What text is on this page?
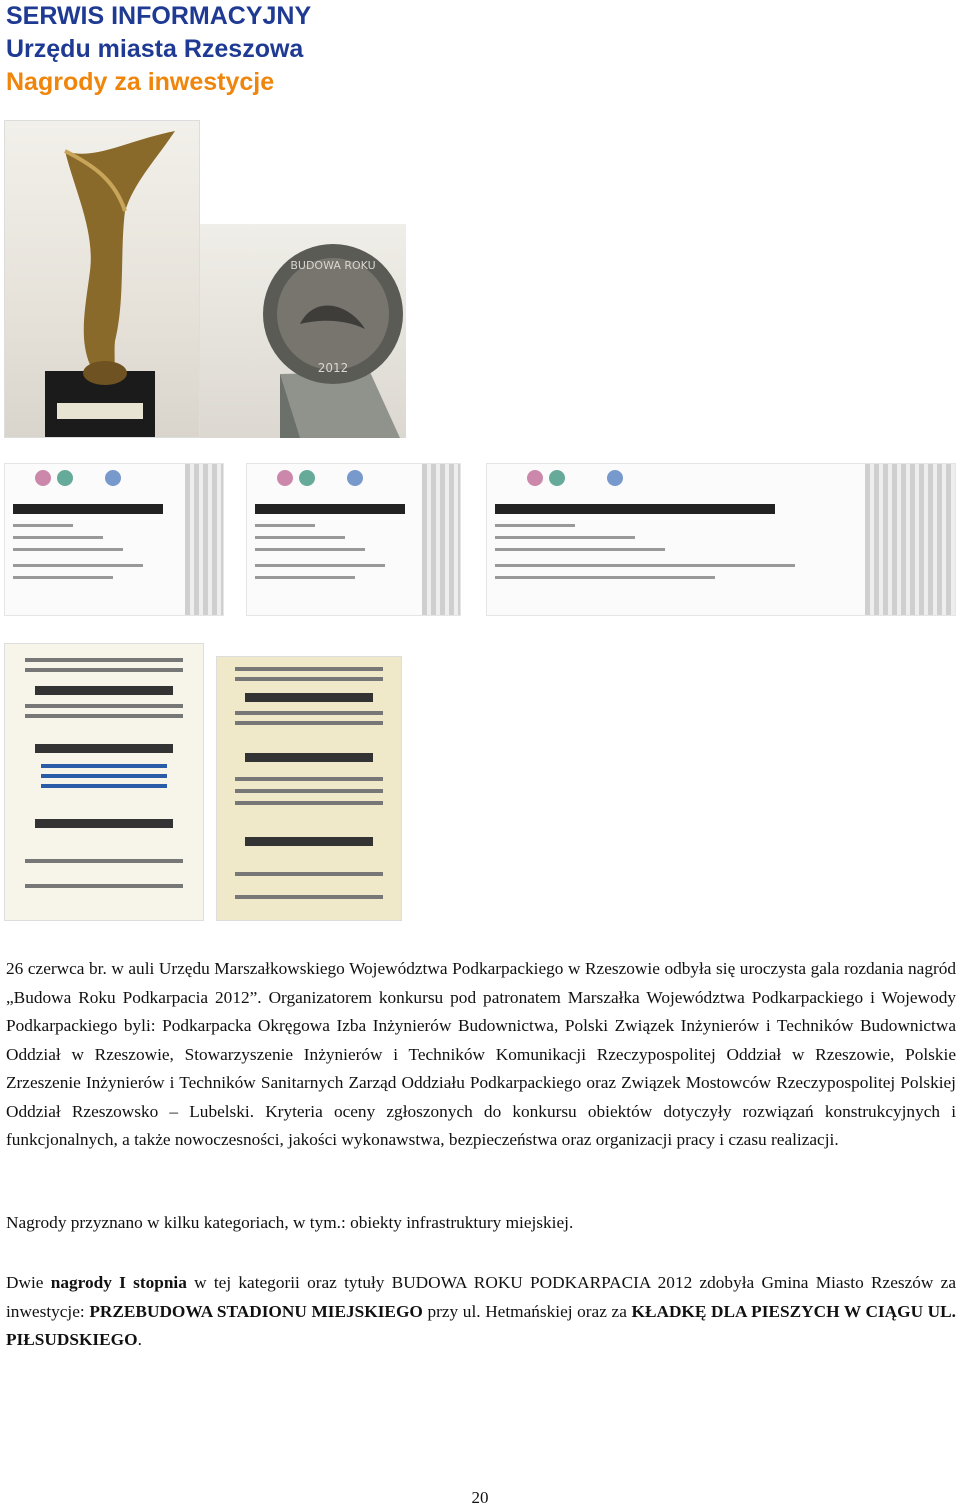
SERWIS INFORMACYJNY
Urzędu miasta Rzeszowa
Nagrody za inwestycje
BUDOWA ROKU
2012
26 czerwca br. w auli Urzędu Marszałkowskiego Województwa Podkarpackiego w Rzeszowie odbyła się uroczysta gala rozdania nagród „Budowa Roku Podkarpacia 2012”. Organizatorem konkursu pod patronatem Marszałka Województwa Podkarpackiego i Wojewody Podkarpackiego byli: Podkarpacka Okręgowa Izba Inżynierów Budownictwa, Polski Związek Inżynierów i Techników Budownictwa Oddział w Rzeszowie, Stowarzyszenie Inżynierów i Techników Komunikacji Rzeczypospolitej Oddział w Rzeszowie, Polskie Zrzeszenie Inżynierów i Techników Sanitarnych Zarząd Oddziału Podkarpackiego oraz Związek Mostowców Rzeczypospolitej Polskiej Oddział Rzeszowsko – Lubelski. Kryteria oceny zgłoszonych do konkursu obiektów dotyczyły rozwiązań konstrukcyjnych i funkcjonalnych, a także nowoczesności, jakości wykonawstwa, bezpieczeństwa oraz organizacji pracy i czasu realizacji.
Nagrody przyznano w kilku kategoriach, w tym.: obiekty infrastruktury miejskiej.
Dwie nagrody I stopnia w tej kategorii oraz tytuły BUDOWA ROKU PODKARPACIA 2012 zdobyła Gmina Miasto Rzeszów za inwestycje: PRZEBUDOWA STADIONU MIEJSKIEGO przy ul. Hetmańskiej oraz za KŁADKĘ DLA PIESZYCH W CIĄGU UL. PIŁSUDSKIEGO.
20
